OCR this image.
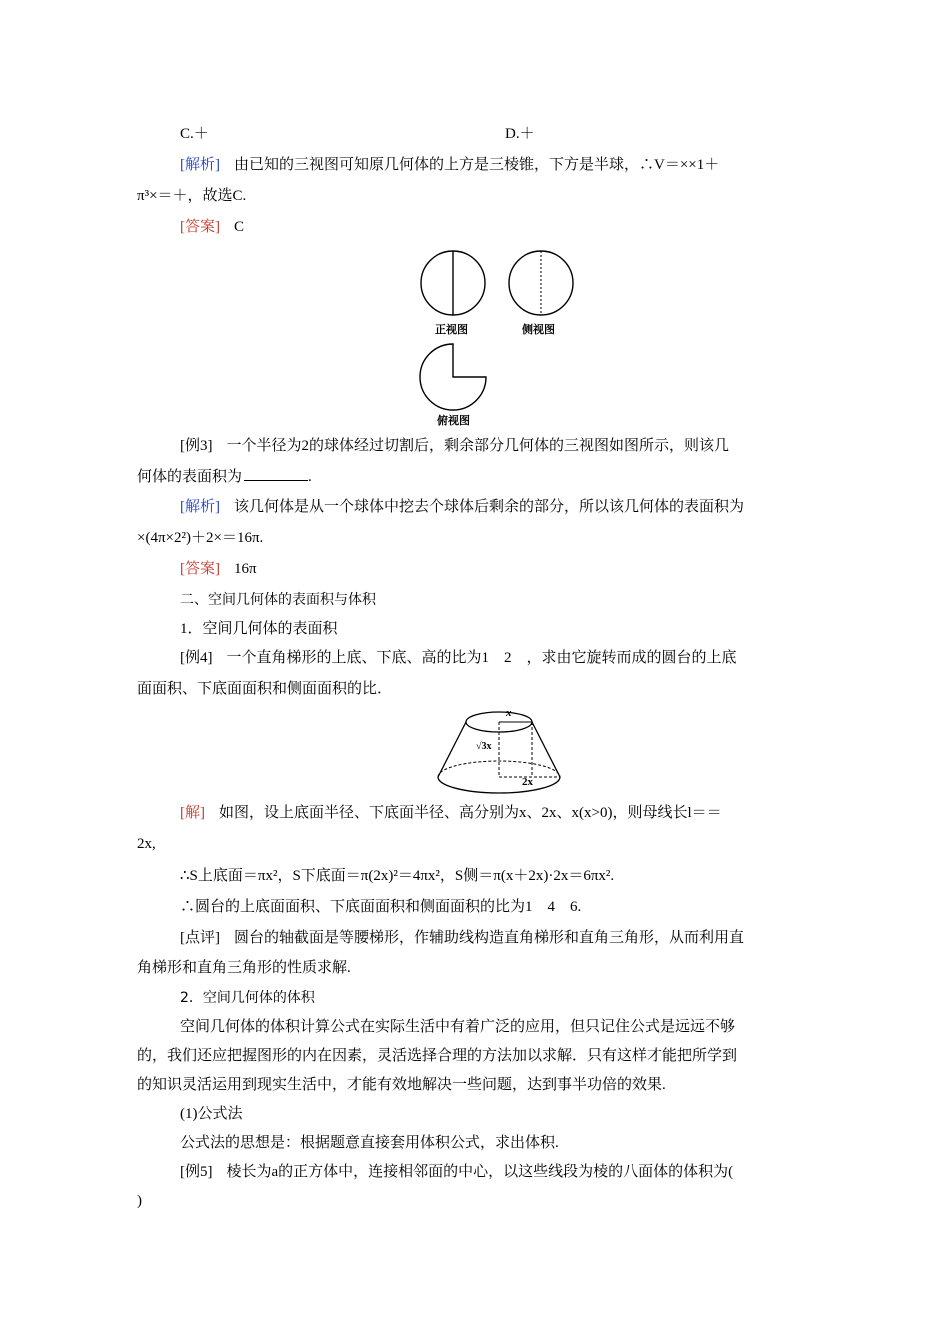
C.＋	D.＋
[解析] 由已知的三视图可知原几何体的上方是三棱锥，下方是半球，∴V＝××1＋
π³×＝＋，故选C.
[答案] C
正视图	侧视图
俯视图
[例3] 一个半径为2的球体经过切割后，剩余部分几何体的三视图如图所示，则该几
何体的表面积为	.
[解析] 该几何体是从一个球体中挖去个球体后剩余的部分，所以该几何体的表面积为
×(4π×2²)＋2×＝16π.
[答案] 16π
二、空间几何体的表面积与体积
1．空间几何体的表面积
[例4] 一个直角梯形的上底、下底、高的比为1　2　，求由它旋转而成的圆台的上底
面面积、下底面面积和侧面面积的比．
x
√3x
2x
[解] 如图，设上底面半径、下底面半径、高分别为x、2x、x(x>0)，则母线长l＝＝
2x,
∴S上底面＝πx²，S下底面＝π(2x)²＝4πx²，S侧＝π(x＋2x)·2x＝6πx².
∴圆台的上底面面积、下底面面积和侧面面积的比为1　4　6.
[点评] 圆台的轴截面是等腰梯形，作辅助线构造直角梯形和直角三角形，从而利用直
角梯形和直角三角形的性质求解.
2．空间几何体的体积
空间几何体的体积计算公式在实际生活中有着广泛的应用，但只记住公式是远远不够
的，我们还应把握图形的内在因素，灵活选择合理的方法加以求解．只有这样才能把所学到
的知识灵活运用到现实生活中，才能有效地解决一些问题，达到事半功倍的效果.
(1)公式法
公式法的思想是：根据题意直接套用体积公式，求出体积.
[例5] 棱长为a的正方体中，连接相邻面的中心，以这些线段为棱的八面体的体积为(
)
